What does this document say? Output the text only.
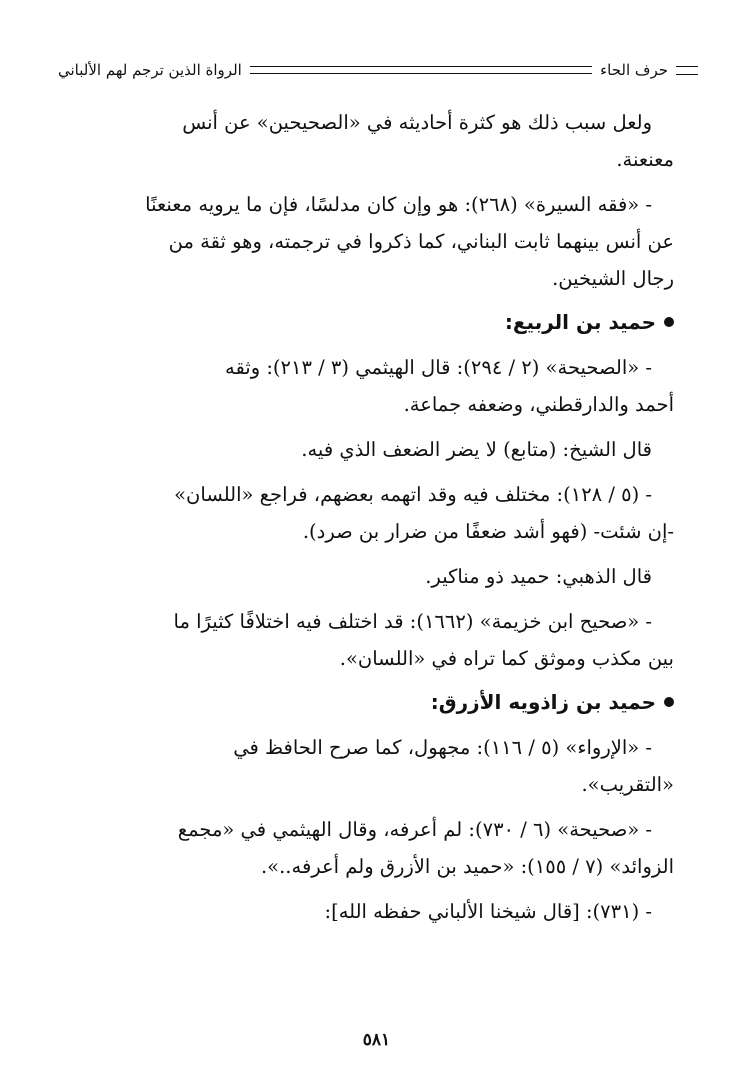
حرف الحاء
الرواة الذين ترجم لهم الألباني

ولعل سبب ذلك هو كثرة أحاديثه في «الصحيحين» عن أنس
معنعنة.

- «فقه السيرة» (٢٦٨): هو وإن كان مدلسًا، فإن ما يرويه معنعنًا
عن أنس بينهما ثابت البناني، كما ذكروا في ترجمته، وهو ثقة من
رجال الشيخين.

حميد بن الربيع:

- «الصحيحة» (٢ / ٢٩٤): قال الهيثمي (٣ / ٢١٣): وثقه
أحمد والدارقطني، وضعفه جماعة.

قال الشيخ: (متابع) لا يضر الضعف الذي فيه.

- (٥ / ١٢٨): مختلف فيه وقد اتهمه بعضهم، فراجع «اللسان»
-إن شئت- (فهو أشد ضعفًا من ضرار بن صرد).

قال الذهبي: حميد ذو مناكير.

- «صحيح ابن خزيمة» (١٦٦٢): قد اختلف فيه اختلافًا كثيرًا ما
بين مكذب وموثق كما تراه في «اللسان».

حميد بن زاذويه الأزرق:

- «الإرواء» (٥ / ١١٦): مجهول، كما صرح الحافظ في
«التقريب».

- «صحيحة» (٦ / ٧٣٠): لم أعرفه، وقال الهيثمي في «مجمع
الزوائد» (٧ / ١٥٥): «حميد بن الأزرق ولم أعرفه..».

- (٧٣١): [قال شيخنا الألباني حفظه الله]:

٥٨١
